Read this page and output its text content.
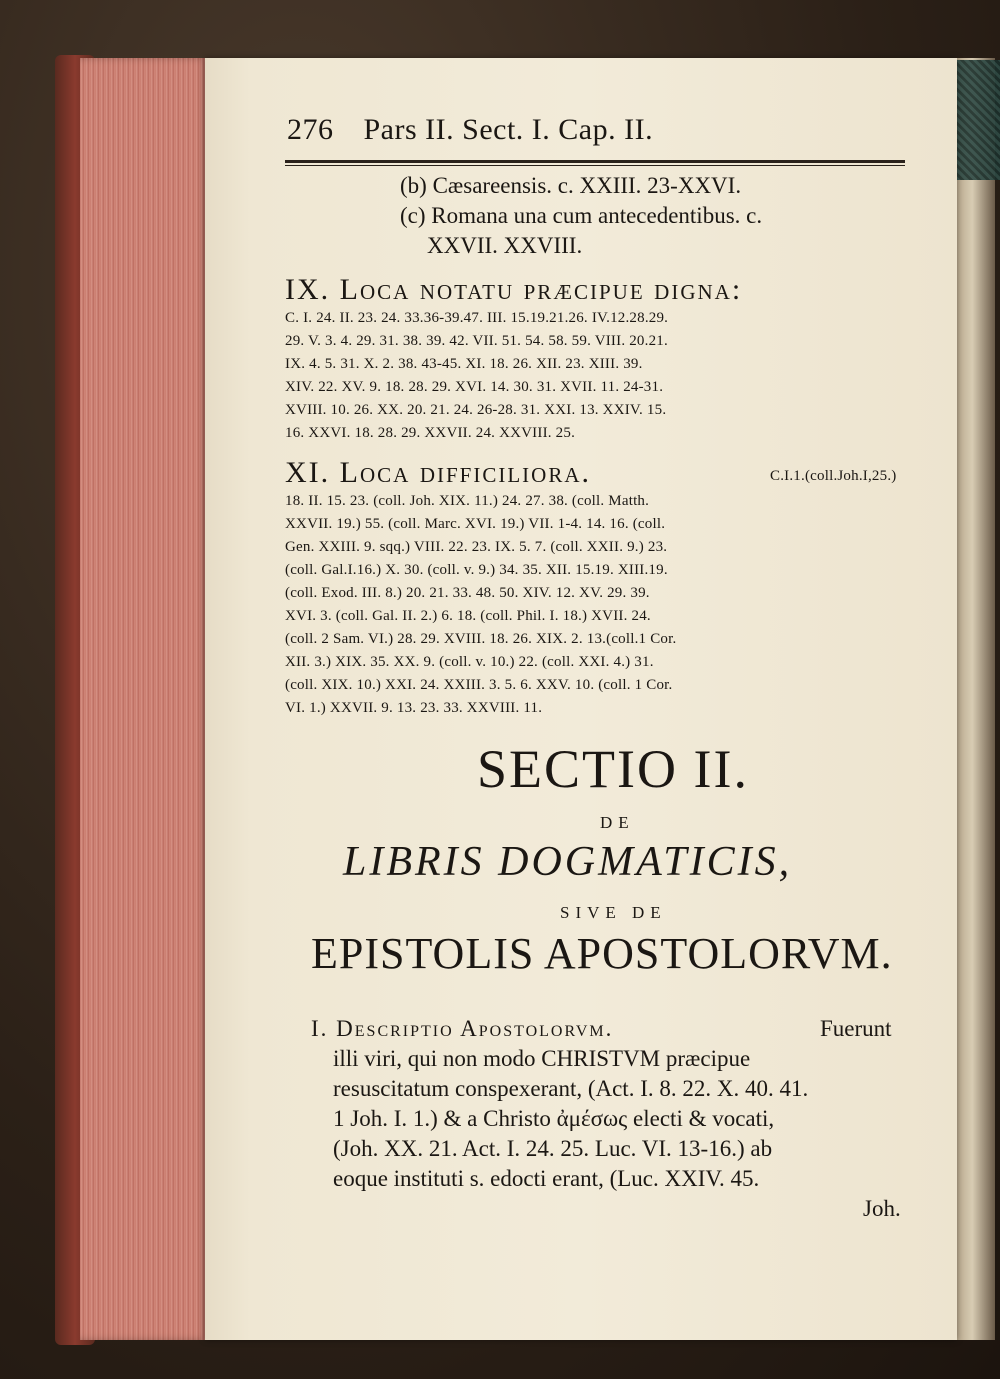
276 Pars II. Sect. I. Cap. II.
(b) Cæsareensis. c. XXIII. 23-XXVI.
(c) Romana una cum antecedentibus. c.
XXVII. XXVIII.
IX. Loca notatu præcipue digna:
C. I. 24. II. 23. 24. 33.36-39.47. III. 15.19.21.26. IV.12.28.29.
29. V. 3. 4. 29. 31. 38. 39. 42. VII. 51. 54. 58. 59. VIII. 20.21.
IX. 4. 5. 31. X. 2. 38. 43-45. XI. 18. 26. XII. 23. XIII. 39.
XIV. 22. XV. 9. 18. 28. 29. XVI. 14. 30. 31. XVII. 11. 24-31.
XVIII. 10. 26. XX. 20. 21. 24. 26-28. 31. XXI. 13. XXIV. 15.
16. XXVI. 18. 28. 29. XXVII. 24. XXVIII. 25.
XI. Loca difficiliora.	C.I.1.(coll.Joh.I,25.)
18. II. 15. 23. (coll. Joh. XIX. 11.) 24. 27. 38. (coll. Matth.
XXVII. 19.) 55. (coll. Marc. XVI. 19.) VII. 1-4. 14. 16. (coll.
Gen. XXIII. 9. sqq.) VIII. 22. 23. IX. 5. 7. (coll. XXII. 9.) 23.
(coll. Gal.I.16.) X. 30. (coll. v. 9.) 34. 35. XII. 15.19. XIII.19.
(coll. Exod. III. 8.) 20. 21. 33. 48. 50. XIV. 12. XV. 29. 39.
XVI. 3. (coll. Gal. II. 2.) 6. 18. (coll. Phil. I. 18.) XVII. 24.
(coll. 2 Sam. VI.) 28. 29. XVIII. 18. 26. XIX. 2. 13.(coll.1 Cor.
XII. 3.) XIX. 35. XX. 9. (coll. v. 10.) 22. (coll. XXI. 4.) 31.
(coll. XIX. 10.) XXI. 24. XXIII. 3. 5. 6. XXV. 10. (coll. 1 Cor.
VI. 1.) XXVII. 9. 13. 23. 33. XXVIII. 11.
SECTIO II.
DE
LIBRIS DOGMATICIS,
SIVE DE
EPISTOLIS APOSTOLORVM.
I. Descriptio Apostolorvm.	Fuerunt
illi viri, qui non modo CHRISTVM præcipue
resuscitatum conspexerant, (Act. I. 8. 22. X. 40. 41.
1 Joh. I. 1.) & a Christo ἀμέσως electi & vocati,
(Joh. XX. 21. Act. I. 24. 25. Luc. VI. 13-16.) ab
eoque instituti s. edocti erant, (Luc. XXIV. 45.
Joh.
